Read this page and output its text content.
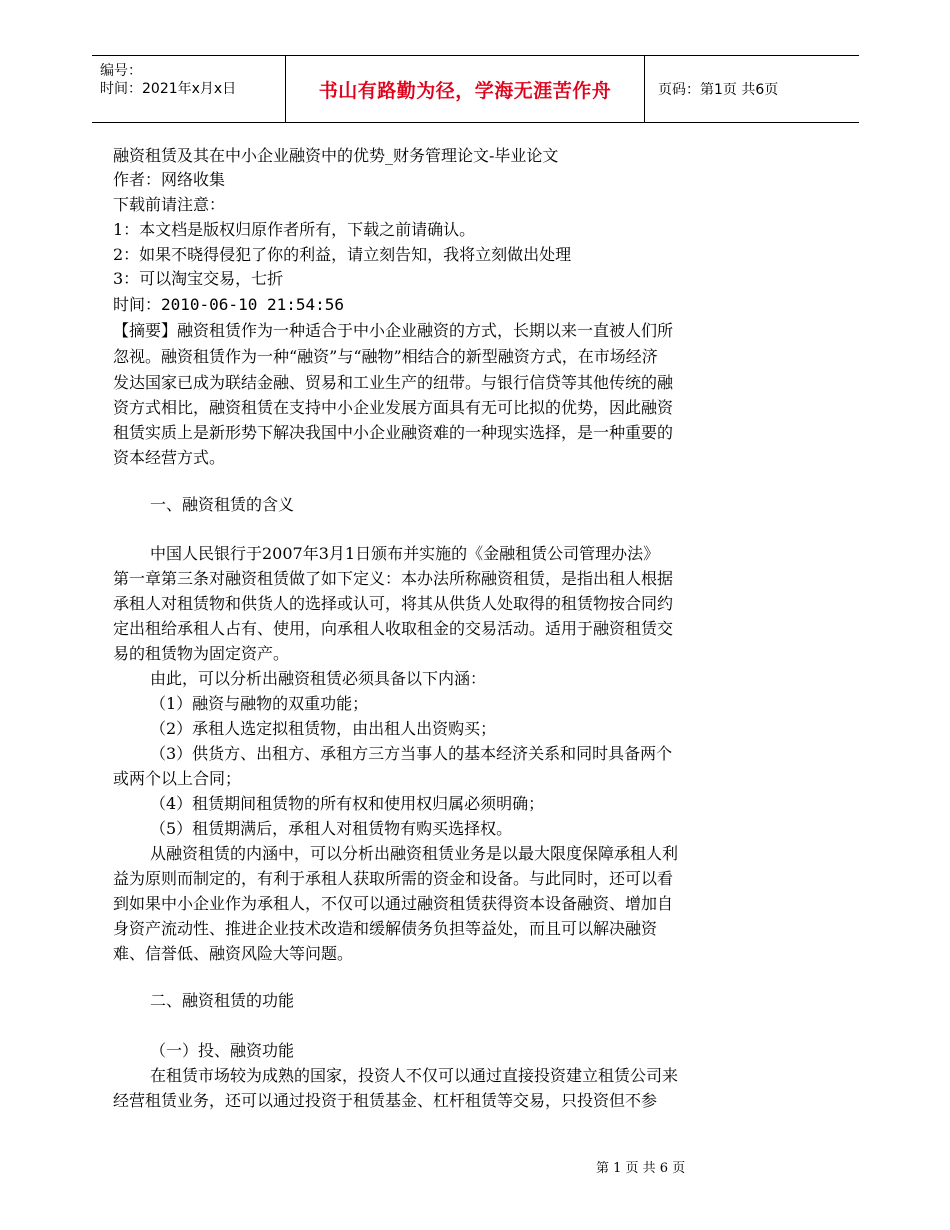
编号：
时间：2021年x月x日	书山有路勤为径，学海无涯苦作舟	页码：第1页 共6页
融资租赁及其在中小企业融资中的优势_财务管理论文-毕业论文
作者：网络收集
下载前请注意：
1：本文档是版权归原作者所有，下载之前请确认。
2：如果不晓得侵犯了你的利益，请立刻告知，我将立刻做出处理
3：可以淘宝交易，七折
时间：2010-06-10 21:54:56
【摘要】融资租赁作为一种适合于中小企业融资的方式，长期以来一直被人们所
忽视。融资租赁作为一种“融资”与“融物”相结合的新型融资方式，在市场经济
发达国家已成为联结金融、贸易和工业生产的纽带。与银行信贷等其他传统的融
资方式相比，融资租赁在支持中小企业发展方面具有无可比拟的优势，因此融资
租赁实质上是新形势下解决我国中小企业融资难的一种现实选择，是一种重要的
资本经营方式。
一、融资租赁的含义
中国人民银行于2007年3月1日颁布并实施的《金融租赁公司管理办法》
第一章第三条对融资租赁做了如下定义：本办法所称融资租赁，是指出租人根据
承租人对租赁物和供货人的选择或认可，将其从供货人处取得的租赁物按合同约
定出租给承租人占有、使用，向承租人收取租金的交易活动。适用于融资租赁交
易的租赁物为固定资产。
由此，可以分析出融资租赁必须具备以下内涵：
（1）融资与融物的双重功能；
（2）承租人选定拟租赁物，由出租人出资购买；
（3）供货方、出租方、承租方三方当事人的基本经济关系和同时具备两个
或两个以上合同；
（4）租赁期间租赁物的所有权和使用权归属必须明确；
（5）租赁期满后，承租人对租赁物有购买选择权。
从融资租赁的内涵中，可以分析出融资租赁业务是以最大限度保障承租人利
益为原则而制定的，有利于承租人获取所需的资金和设备。与此同时，还可以看
到如果中小企业作为承租人，不仅可以通过融资租赁获得资本设备融资、增加自
身资产流动性、推进企业技术改造和缓解债务负担等益处，而且可以解决融资
难、信誉低、融资风险大等问题。
二、融资租赁的功能
（一）投、融资功能
在租赁市场较为成熟的国家，投资人不仅可以通过直接投资建立租赁公司来
经营租赁业务，还可以通过投资于租赁基金、杠杆租赁等交易，只投资但不参
第 1 页 共 6 页
